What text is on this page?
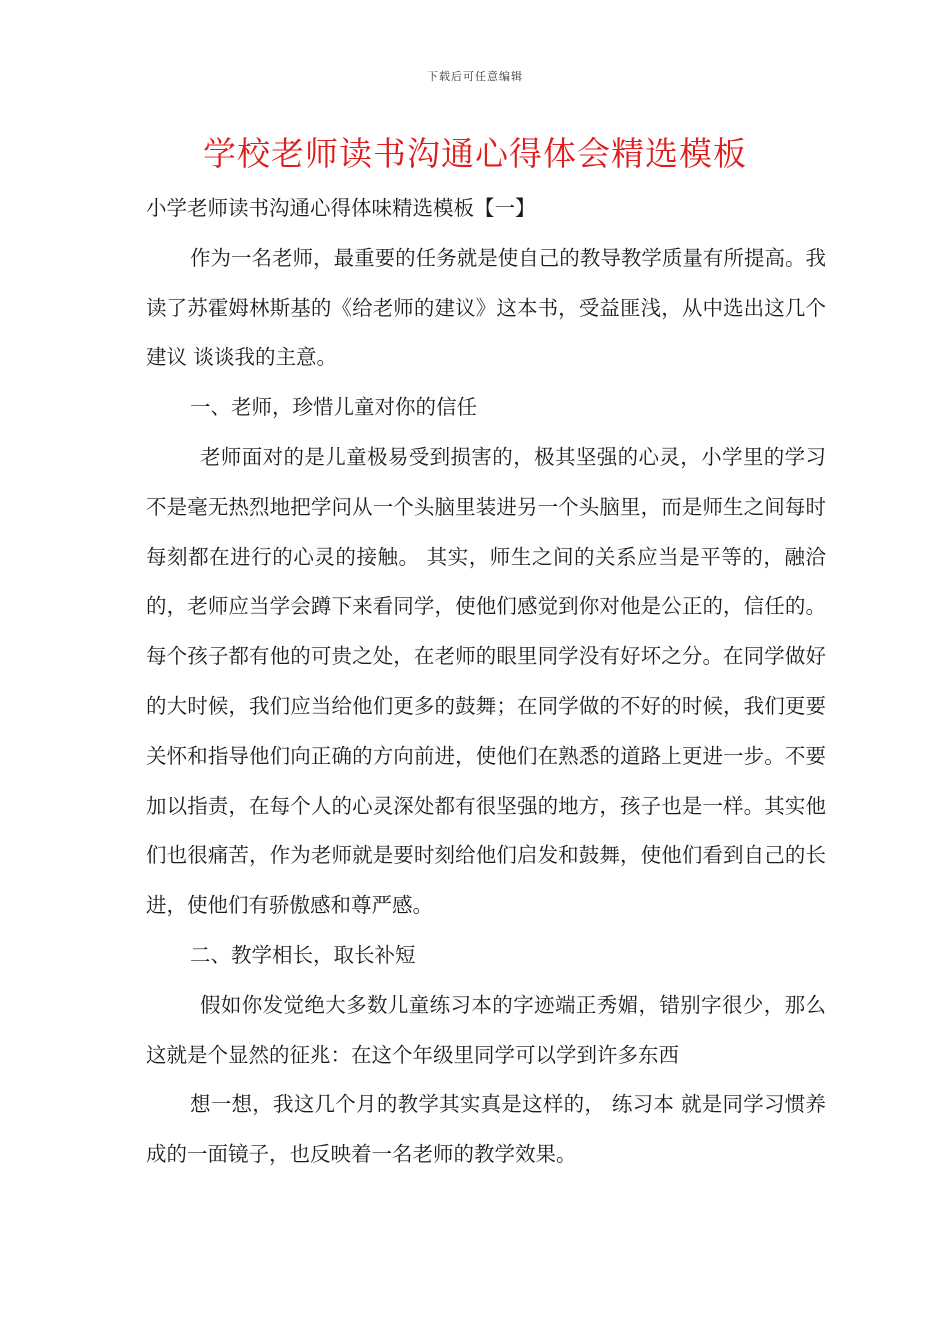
下载后可任意编辑
学校老师读书沟通心得体会精选模板

小学老师读书沟通心得体味精选模板【一】

作为一名老师，最重要的任务就是使自己的教导教学质量有所提高。我读了苏霍姆林斯基的《给老师的建议》这本书，受益匪浅，从中选出这几个 建议 谈谈我的主意。

一、老师，珍惜儿童对你的信任

老师面对的是儿童极易受到损害的，极其坚强的心灵，小学里的学习不是毫无热烈地把学问从一个头脑里装进另一个头脑里，而是师生之间每时每刻都在进行的心灵的接触。 其实，师生之间的关系应当是平等的，融洽的，老师应当学会蹲下来看同学，使他们感觉到你对他是公正的，信任的。每个孩子都有他的可贵之处，在老师的眼里同学没有好坏之分。在同学做好的大时候，我们应当给他们更多的鼓舞；在同学做的不好的时候，我们更要关怀和指导他们向正确的方向前进，使他们在熟悉的道路上更进一步。不要加以指责，在每个人的心灵深处都有很坚强的地方，孩子也是一样。其实他们也很痛苦，作为老师就是要时刻给他们启发和鼓舞，使他们看到自己的长进，使他们有骄傲感和尊严感。

二、教学相长，取长补短

假如你发觉绝大多数儿童练习本的字迹端正秀媚，错别字很少，那么这就是个显然的征兆：在这个年级里同学可以学到许多东西

想一想，我这几个月的教学其实真是这样的， 练习本 就是同学习惯养成的一面镜子，也反映着一名老师的教学效果。
